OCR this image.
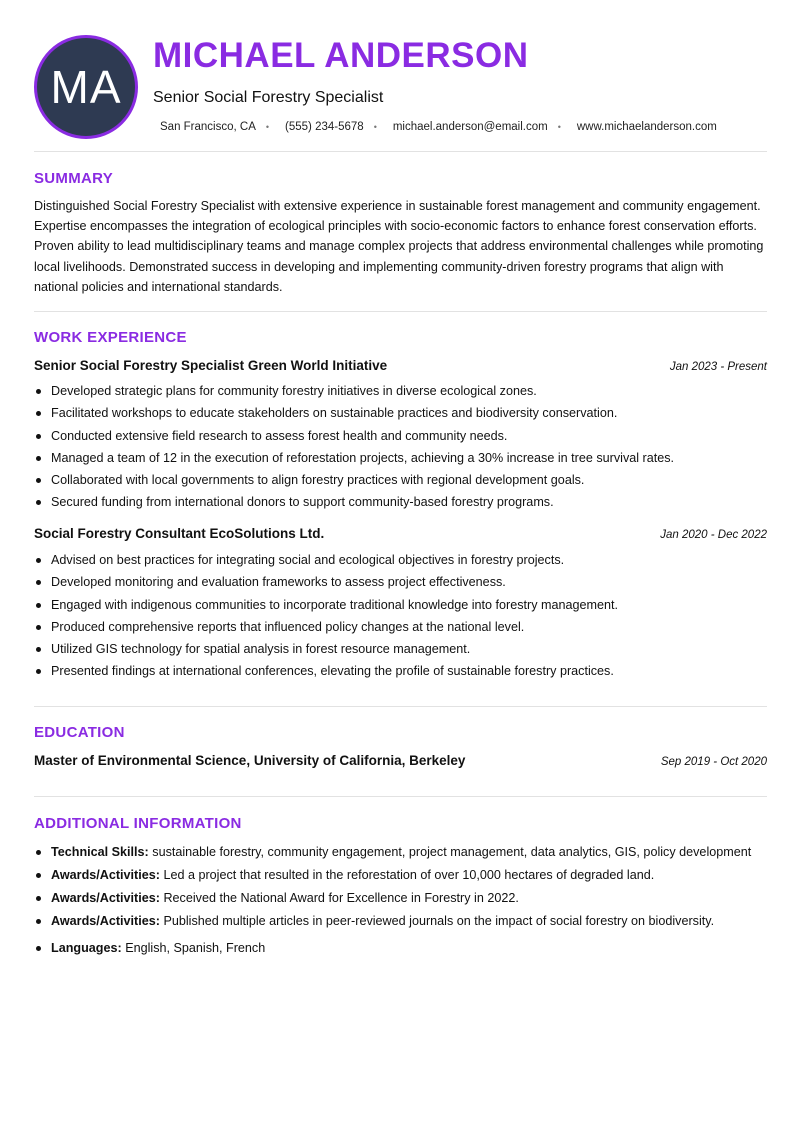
MA
MICHAEL ANDERSON
Senior Social Forestry Specialist
San Francisco, CA • (555) 234-5678 • michael.anderson@email.com • www.michaelanderson.com
SUMMARY

Distinguished Social Forestry Specialist with extensive experience in sustainable forest management and community engagement. Expertise encompasses the integration of ecological principles with socio-economic factors to enhance forest conservation efforts. Proven ability to lead multidisciplinary teams and manage complex projects that address environmental challenges while promoting local livelihoods. Demonstrated success in developing and implementing community-driven forestry programs that align with national policies and international standards.

WORK EXPERIENCE
Senior Social Forestry Specialist Green World Initiative	Jan 2023 - Present
Developed strategic plans for community forestry initiatives in diverse ecological zones.
Facilitated workshops to educate stakeholders on sustainable practices and biodiversity conservation.
Conducted extensive field research to assess forest health and community needs.
Managed a team of 12 in the execution of reforestation projects, achieving a 30% increase in tree survival rates.
Collaborated with local governments to align forestry practices with regional development goals.
Secured funding from international donors to support community-based forestry programs.
Social Forestry Consultant EcoSolutions Ltd.	Jan 2020 - Dec 2022
Advised on best practices for integrating social and ecological objectives in forestry projects.
Developed monitoring and evaluation frameworks to assess project effectiveness.
Engaged with indigenous communities to incorporate traditional knowledge into forestry management.
Produced comprehensive reports that influenced policy changes at the national level.
Utilized GIS technology for spatial analysis in forest resource management.
Presented findings at international conferences, elevating the profile of sustainable forestry practices.
EDUCATION
Master of Environmental Science, University of California, Berkeley	Sep 2019 - Oct 2020
ADDITIONAL INFORMATION
Technical Skills: sustainable forestry, community engagement, project management, data analytics, GIS, policy development
Awards/Activities: Led a project that resulted in the reforestation of over 10,000 hectares of degraded land.
Awards/Activities: Received the National Award for Excellence in Forestry in 2022.
Awards/Activities: Published multiple articles in peer-reviewed journals on the impact of social forestry on biodiversity.
Languages: English, Spanish, French
